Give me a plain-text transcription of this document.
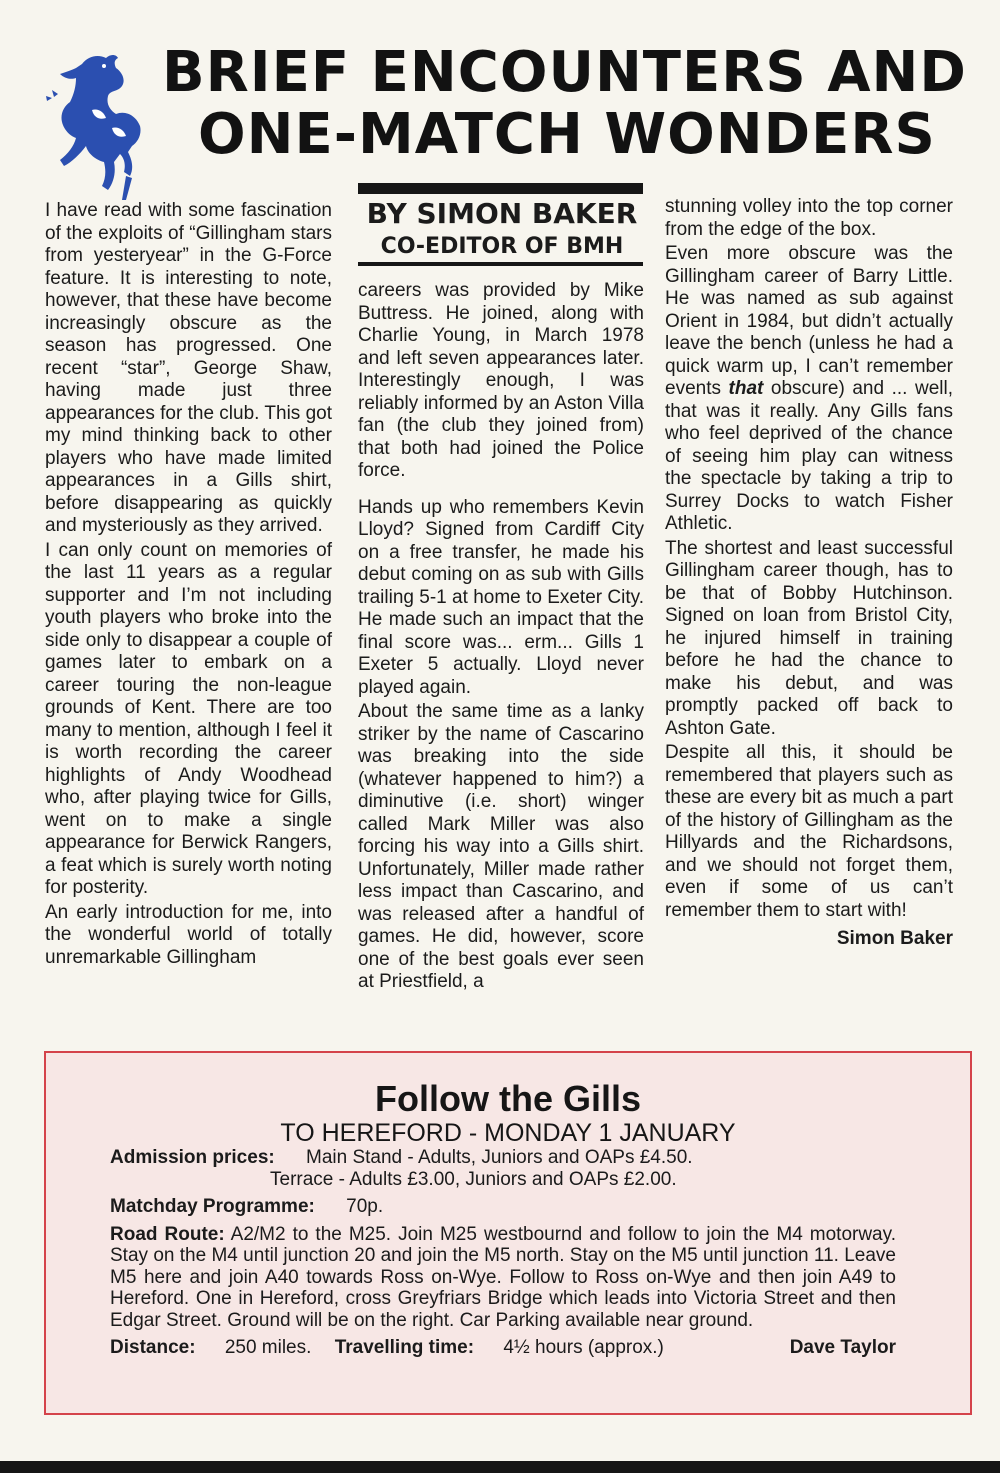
BRIEF ENCOUNTERS AND
ONE-MATCH WONDERS
BY SIMON BAKER
CO-EDITOR OF BMH

I have read with some fascination of the exploits of “Gillingham stars from yesteryear” in the G-Force feature. It is interesting to note, however, that these have become increasingly obscure as the season has progressed. One recent “star”, George Shaw, having made just three appearances for the club. This got my mind thinking back to other players who have made limited appearances in a Gills shirt, before disappearing as quickly and mysteriously as they arrived.

I can only count on memories of the last 11 years as a regular supporter and I’m not including youth players who broke into the side only to disappear a couple of games later to embark on a career touring the non-league grounds of Kent. There are too many to mention, although I feel it is worth recording the career highlights of Andy Woodhead who, after playing twice for Gills, went on to make a single appearance for Berwick Rangers, a feat which is surely worth noting for posterity.

An early introduction for me, into the wonderful world of totally unremarkable Gillingham

careers was provided by Mike Buttress. He joined, along with Charlie Young, in March 1978 and left seven appearances later. Interestingly enough, I was reliably informed by an Aston Villa fan (the club they joined from) that both had joined the Police force.

Hands up who remembers Kevin Lloyd? Signed from Cardiff City on a free transfer, he made his debut coming on as sub with Gills trailing 5-1 at home to Exeter City. He made such an impact that the final score was... erm... Gills 1 Exeter 5 actually. Lloyd never played again.

About the same time as a lanky striker by the name of Cascarino was breaking into the side (whatever happened to him?) a diminutive (i.e. short) winger called Mark Miller was also forcing his way into a Gills shirt. Unfortunately, Miller made rather less impact than Cascarino, and was released after a handful of games. He did, however, score one of the best goals ever seen at Priestfield, a

stunning volley into the top corner from the edge of the box.

Even more obscure was the Gillingham career of Barry Little. He was named as sub against Orient in 1984, but didn’t actually leave the bench (unless he had a quick warm up, I can’t remember events that obscure) and ... well, that was it really. Any Gills fans who feel deprived of the chance of seeing him play can witness the spectacle by taking a trip to Surrey Docks to watch Fisher Athletic.

The shortest and least successful Gillingham career though, has to be that of Bobby Hutchinson. Signed on loan from Bristol City, he injured himself in training before he had the chance to make his debut, and was promptly packed off back to Ashton Gate.

Despite all this, it should be remembered that players such as these are every bit as much a part of the history of Gillingham as the Hillyards and the Richardsons, and we should not forget them, even if some of us can’t remember them to start with!

Simon Baker
Follow the Gills
TO HEREFORD - MONDAY 1 JANUARY
Admission prices: Main Stand - Adults, Juniors and OAPs £4.50.
Terrace - Adults £3.00, Juniors and OAPs £2.00.
Matchday Programme: 70p.
Road Route: A2/M2 to the M25. Join M25 westbournd and follow to join the M4 motorway. Stay on the M4 until junction 20 and join the M5 north. Stay on the M5 until junction 11. Leave M5 here and join A40 towards Ross on-Wye. Follow to Ross on-Wye and then join A49 to Hereford. One in Hereford, cross Greyfriars Bridge which leads into Victoria Street and then Edgar Street. Ground will be on the right. Car Parking available near ground.
Distance: 250 miles. Travelling time: 4½ hours (approx.)	Dave Taylor
